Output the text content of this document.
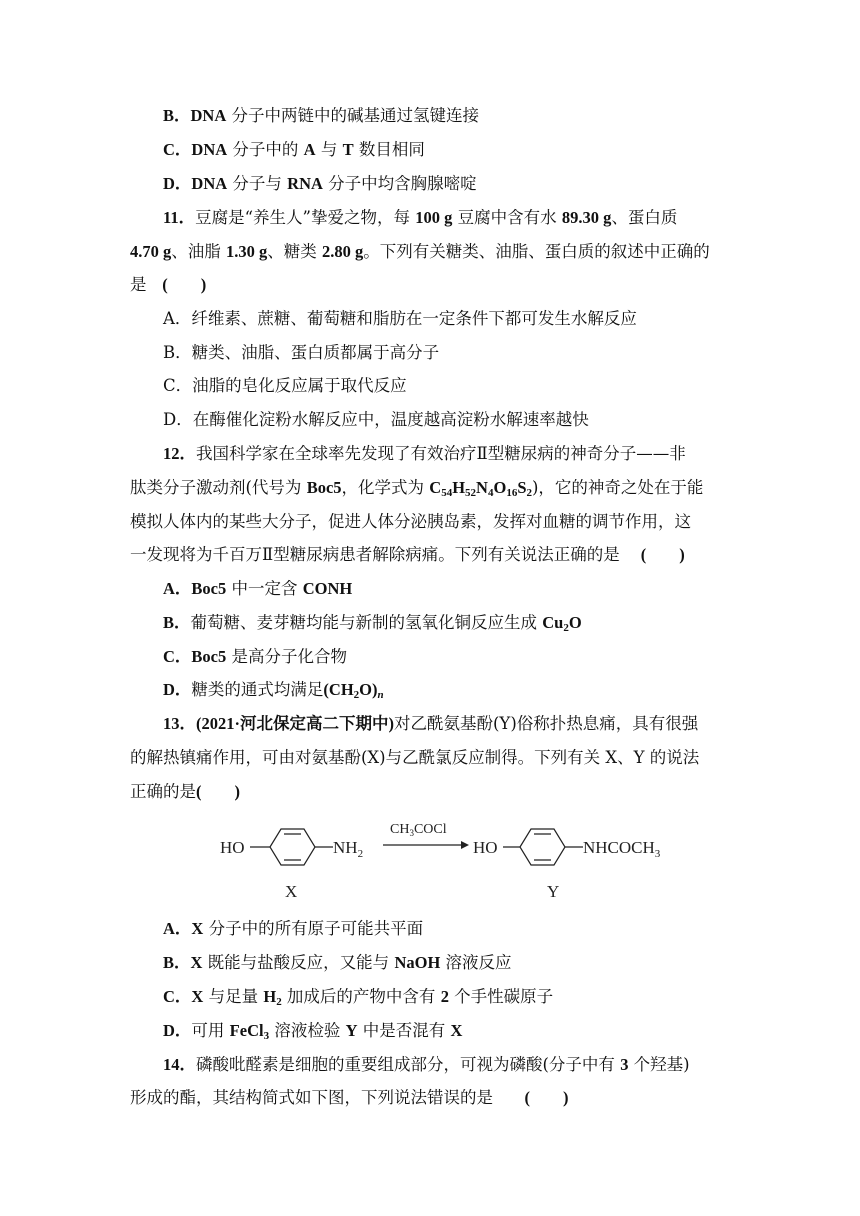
B．DNA 分子中两链中的碱基通过氢键连接
C．DNA 分子中的 A 与 T 数目相同
D．DNA 分子与 RNA 分子中均含胸腺嘧啶
11．豆腐是“养生人”挚爱之物，每 100 g 豆腐中含有水 89.30 g、蛋白质
4.70 g、油脂 1.30 g、糖类 2.80 g。下列有关糖类、油脂、蛋白质的叙述中正确的
是 (　　)
A．纤维素、蔗糖、葡萄糖和脂肪在一定条件下都可发生水解反应
B．糖类、油脂、蛋白质都属于高分子
C．油脂的皂化反应属于取代反应
D．在酶催化淀粉水解反应中，温度越高淀粉水解速率越快
12．我国科学家在全球率先发现了有效治疗Ⅱ型糖尿病的神奇分子——非
肽类分子激动剂(代号为 Boc5，化学式为 $C_{54}H_{52}N_4O_{16}S_2$)，它的神奇之处在于能
模拟人体内的某些大分子，促进人体分泌胰岛素，发挥对血糖的调节作用，这
一发现将为千百万Ⅱ型糖尿病患者解除病痛。下列有关说法正确的是 (　　)
A．Boc5 中一定含 CONH
B．葡萄糖、麦芽糖均能与新制的氢氧化铜反应生成 $Cu_2O$
C．Boc5 是高分子化合物
D．糖类的通式均满足$(CH_2O)_n$
13．(2021·河北保定高二下期中)对乙酰氨基酚(Y)俗称扑热息痛，具有很强
的解热镇痛作用，可由对氨基酚(X)与乙酰氯反应制得。下列有关 X、Y 的说法
正确的是(　　)
HO	$NH_2$
X
$CH_3COCl$
HO	$NHCOCH_3$
Y
A．X 分子中的所有原子可能共平面
B．X 既能与盐酸反应，又能与 NaOH 溶液反应
C．X 与足量 $H_2$ 加成后的产物中含有 2 个手性碳原子
D．可用 FeCl$_3$ 溶液检验 Y 中是否混有 X
14．磷酸吡醛素是细胞的重要组成部分，可视为磷酸(分子中有 3 个羟基)
形成的酯，其结构简式如下图，下列说法错误的是 (　　)
